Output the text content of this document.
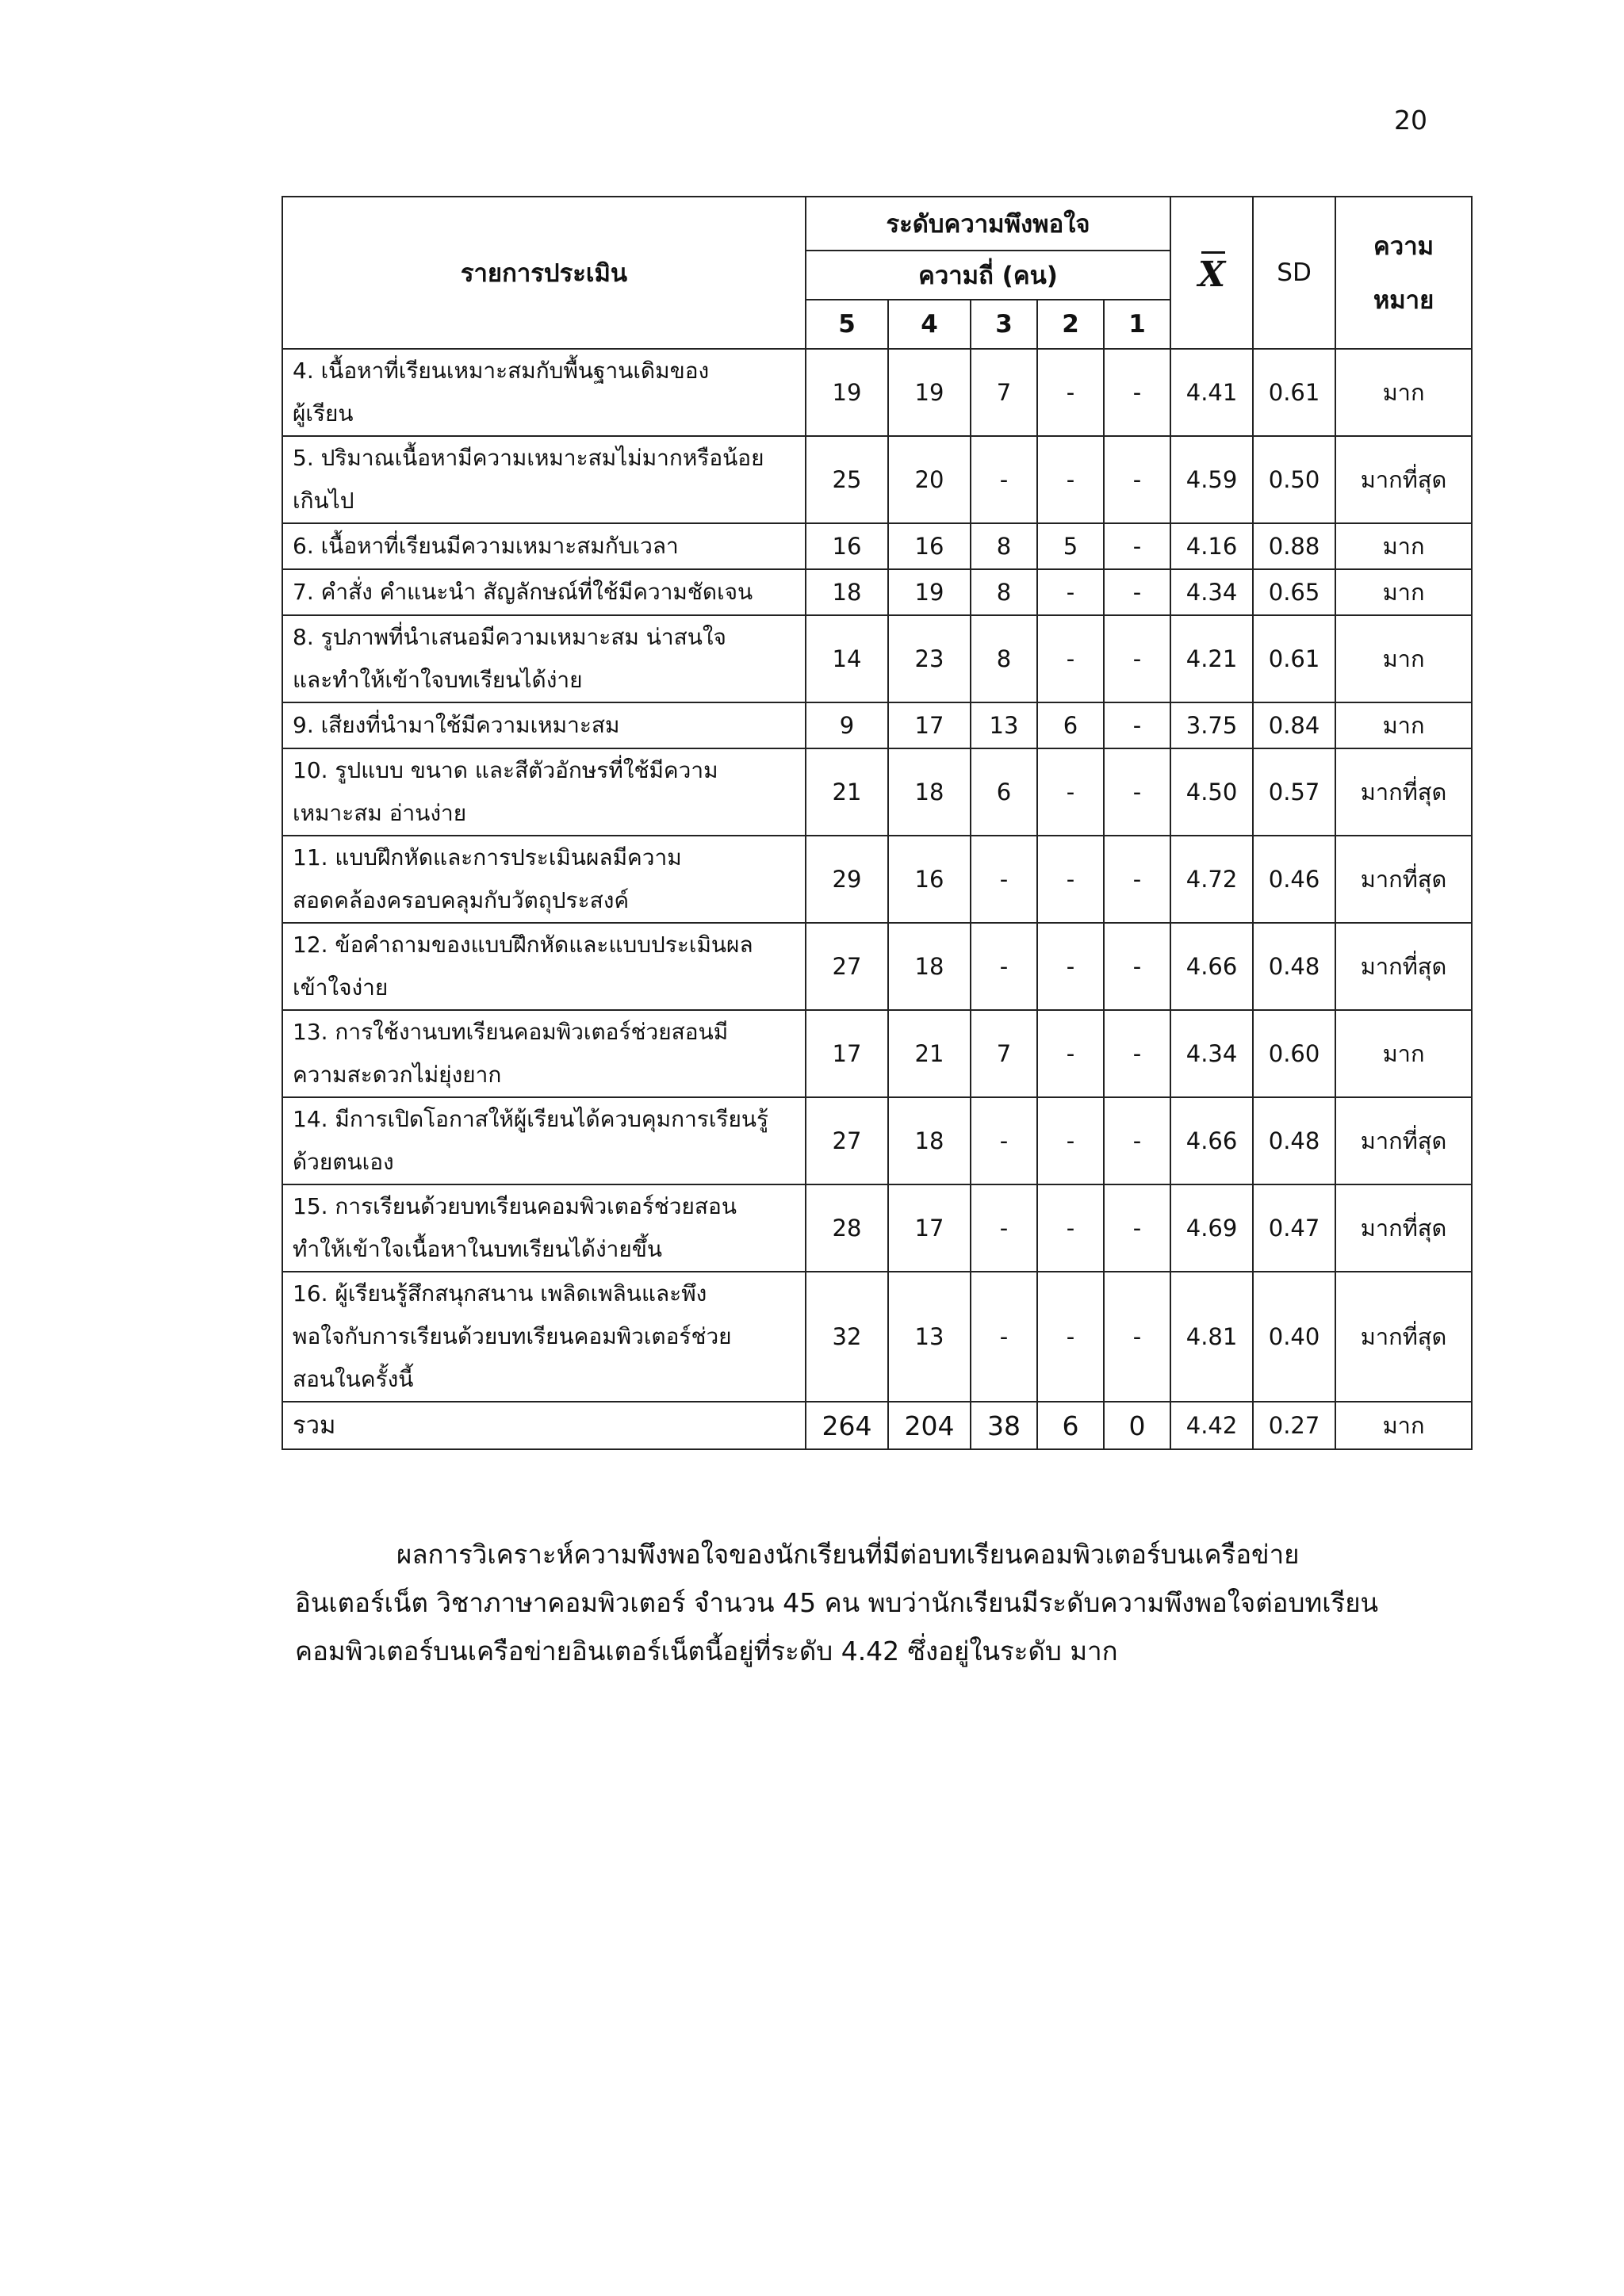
20
รายการประเมิน	ระดับความพึงพอใจ					X	SD	ความ
หมาย

	ความถี่ (คน)							
	5	4	3	2	1			

4. เนื้อหาที่เรียนเหมาะสมกับพื้นฐานเดิมของ
ผู้เรียน	19	19	7	-	-	4.41	0.61	มาก

5. ปริมาณเนื้อหามีความเหมาะสมไม่มากหรือน้อย
เกินไป	25	20	-	-	-	4.59	0.50	มากที่สุด

6. เนื้อหาที่เรียนมีความเหมาะสมกับเวลา	16	16	8	5	-	4.16	0.88	มาก

7. คำสั่ง คำแนะนำ สัญลักษณ์ที่ใช้มีความชัดเจน	18	19	8	-	-	4.34	0.65	มาก

8. รูปภาพที่นำเสนอมีความเหมาะสม น่าสนใจ
และทำให้เข้าใจบทเรียนได้ง่าย	14	23	8	-	-	4.21	0.61	มาก

9. เสียงที่นำมาใช้มีความเหมาะสม	9	17	13	6	-	3.75	0.84	มาก

10. รูปแบบ ขนาด และสีตัวอักษรที่ใช้มีความ
เหมาะสม อ่านง่าย	21	18	6	-	-	4.50	0.57	มากที่สุด

11. แบบฝึกหัดและการประเมินผลมีความ
สอดคล้องครอบคลุมกับวัตถุประสงค์	29	16	-	-	-	4.72	0.46	มากที่สุด

12. ข้อคำถามของแบบฝึกหัดและแบบประเมินผล
เข้าใจง่าย	27	18	-	-	-	4.66	0.48	มากที่สุด

13. การใช้งานบทเรียนคอมพิวเตอร์ช่วยสอนมี
ความสะดวกไม่ยุ่งยาก	17	21	7	-	-	4.34	0.60	มาก

14. มีการเปิดโอกาสให้ผู้เรียนได้ควบคุมการเรียนรู้
ด้วยตนเอง	27	18	-	-	-	4.66	0.48	มากที่สุด

15. การเรียนด้วยบทเรียนคอมพิวเตอร์ช่วยสอน
ทำให้เข้าใจเนื้อหาในบทเรียนได้ง่ายขึ้น	28	17	-	-	-	4.69	0.47	มากที่สุด

16. ผู้เรียนรู้สึกสนุกสนาน เพลิดเพลินและพึง
พอใจกับการเรียนด้วยบทเรียนคอมพิวเตอร์ช่วย
สอนในครั้งนี้	32	13	-	-	-	4.81	0.40	มากที่สุด
รวม	264	204	38	6	0	4.42	0.27	มาก
ผลการวิเคราะห์ความพึงพอใจของนักเรียนที่มีต่อบทเรียนคอมพิวเตอร์บนเครือข่าย
อินเตอร์เน็ต วิชาภาษาคอมพิวเตอร์ จำนวน 45 คน พบว่านักเรียนมีระดับความพึงพอใจต่อบทเรียน
คอมพิวเตอร์บนเครือข่ายอินเตอร์เน็ตนี้อยู่ที่ระดับ 4.42 ซึ่งอยู่ในระดับ มาก
